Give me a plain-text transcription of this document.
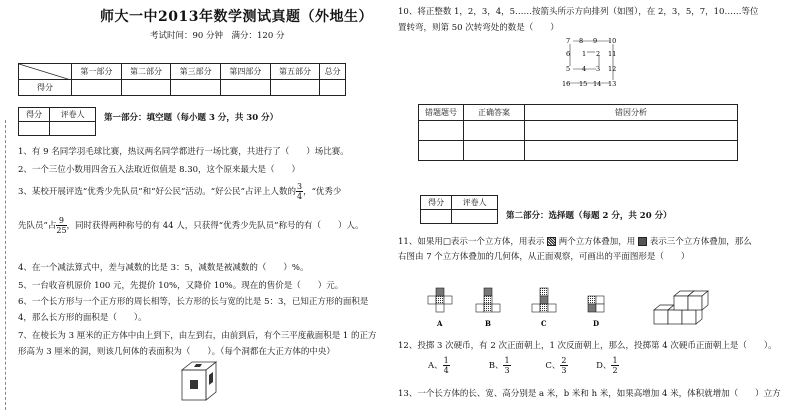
师大一中2013年数学测试真题（外地生）
考试时间：90 分钟　满分：120 分
	第一部分	第二部分	第三部分	第四部分	第五部分	总分
得分						
得分	评卷人
	第一部分：填空题（每小题 3 分，共 30 分）
1、有 9 名同学羽毛球比赛，热议两名同学都进行一场比赛，共进行了（　　）场比赛。
2、一个三位小数用四舍五入法取近似值是 8.30，这个原来最大是（　　）
3、某校开展评选“优秀少先队员”和“好公民”活动。“好公民”占评上人数的 $\frac{3}{4}$ ，“优秀少
先队员”占 $\frac{9}{25}$ ，同时获得两种称号的有 44 人，只获得“优秀少先队员”称号的有（　　）人。
4、在一个减法算式中，差与减数的比是 3：5，减数是被减数的（　　）%。
5、一台收音机原价 100 元，先提价 10%，又降价 10%。现在的售价是（　　）元。
6、一个长方形与一个正方形的周长相等，长方形的长与宽的比是 5：3，已知正方形的面积是
4，那么长方形的面积是（　　）。
7、在棱长为 3 厘米的正方体中由上到下，由左到右，由前到后，有个三平度截面积是 1 的正方
形高为 3 厘米的洞，则该几何体的表面积为（　　）。（每个洞都在大正方体的中央）
10、将正整数 1，2，3，4，5……按箭头所示方向排列（如图），在 2，3，5，7，10……等位
置转弯，则第 50 次转弯处的数是（　　）
7 8 9 10
6 1 2 11
5 4 3 12
16 15 14 13
错题题号	正确答案	错因分析

得分	评卷人

第二部分：选择题（每题 2 分，共 20 分）
11、如果用□表示一个立方体，用表示 两个立方体叠加，用 表示三个立方体叠加，那么
右图由 7 个立方体叠加的几何体，从正面观察，可画出的平面图形是（　　）
A	B	C	D
12、投掷 3 次硬币，有 2 次正面朝上，1 次反面朝上，那么，投掷第 4 次硬币正面朝上是（　　）。
A、 $\frac{1}{4}$	B、 $\frac{1}{3}$	C、 $\frac{2}{3}$	D、 $\frac{1}{2}$
13、一个长方体的长、宽、高分别是 a 米，b 米和 h 米，如果高增加 4 米，体积就增加（　　）立方
